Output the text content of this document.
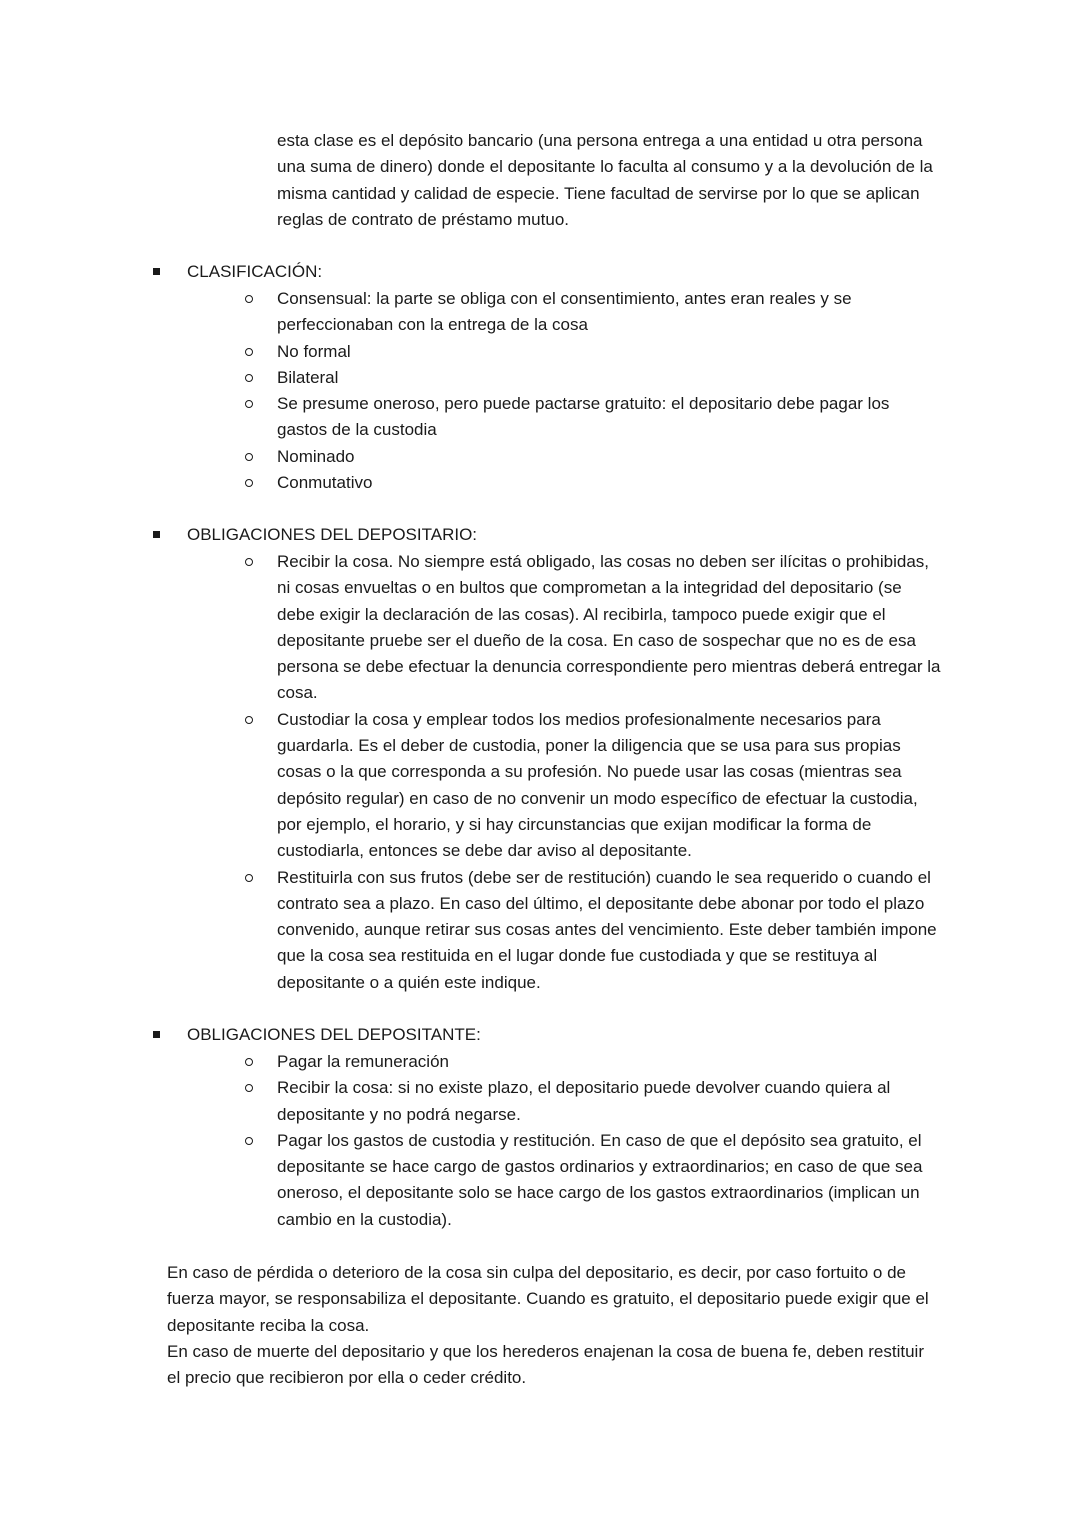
esta clase es el depósito bancario (una persona entrega a una entidad u otra persona una suma de dinero) donde el depositante lo faculta al consumo y a la devolución de la misma cantidad y calidad de especie. Tiene facultad de servirse por lo que se aplican reglas de contrato de préstamo mutuo.
CLASIFICACIÓN:
Consensual: la parte se obliga con el consentimiento, antes eran reales y se perfeccionaban con la entrega de la cosa
No formal
Bilateral
Se presume oneroso, pero puede pactarse gratuito: el depositario debe pagar los gastos de la custodia
Nominado
Conmutativo
OBLIGACIONES DEL DEPOSITARIO:
Recibir la cosa. No siempre está obligado, las cosas no deben ser ilícitas o prohibidas, ni cosas envueltas o en bultos que comprometan a la integridad del depositario (se debe exigir la declaración de las cosas). Al recibirla, tampoco puede exigir que el depositante pruebe ser el dueño de la cosa. En caso de sospechar que no es de esa persona se debe efectuar la denuncia correspondiente pero mientras deberá entregar la cosa.
Custodiar la cosa y emplear todos los medios profesionalmente necesarios para guardarla. Es el deber de custodia, poner la diligencia que se usa para sus propias cosas o la que corresponda a su profesión. No puede usar las cosas (mientras sea depósito regular) en caso de no convenir un modo específico de efectuar la custodia, por ejemplo, el horario, y si hay circunstancias que exijan modificar la forma de custodiarla, entonces se debe dar aviso al depositante.
Restituirla con sus frutos (debe ser de restitución) cuando le sea requerido o cuando el contrato sea a plazo. En caso del último, el depositante debe abonar por todo el plazo convenido, aunque retirar sus cosas antes del vencimiento. Este deber también impone que la cosa sea restituida en el lugar donde fue custodiada y que se restituya al depositante o a quién este indique.
OBLIGACIONES DEL DEPOSITANTE:
Pagar la remuneración
Recibir la cosa: si no existe plazo, el depositario puede devolver cuando quiera al depositante y no podrá negarse.
Pagar los gastos de custodia y restitución. En caso de que el depósito sea gratuito, el depositante se hace cargo de gastos ordinarios y extraordinarios; en caso de que sea oneroso, el depositante solo se hace cargo de los gastos extraordinarios (implican un cambio en la custodia).

En caso de pérdida o deterioro de la cosa sin culpa del depositario, es decir, por caso fortuito o de fuerza mayor, se responsabiliza el depositante. Cuando es gratuito, el depositario puede exigir que el depositante reciba la cosa.

En caso de muerte del depositario y que los herederos enajenan la cosa de buena fe, deben restituir el precio que recibieron por ella o ceder crédito.
